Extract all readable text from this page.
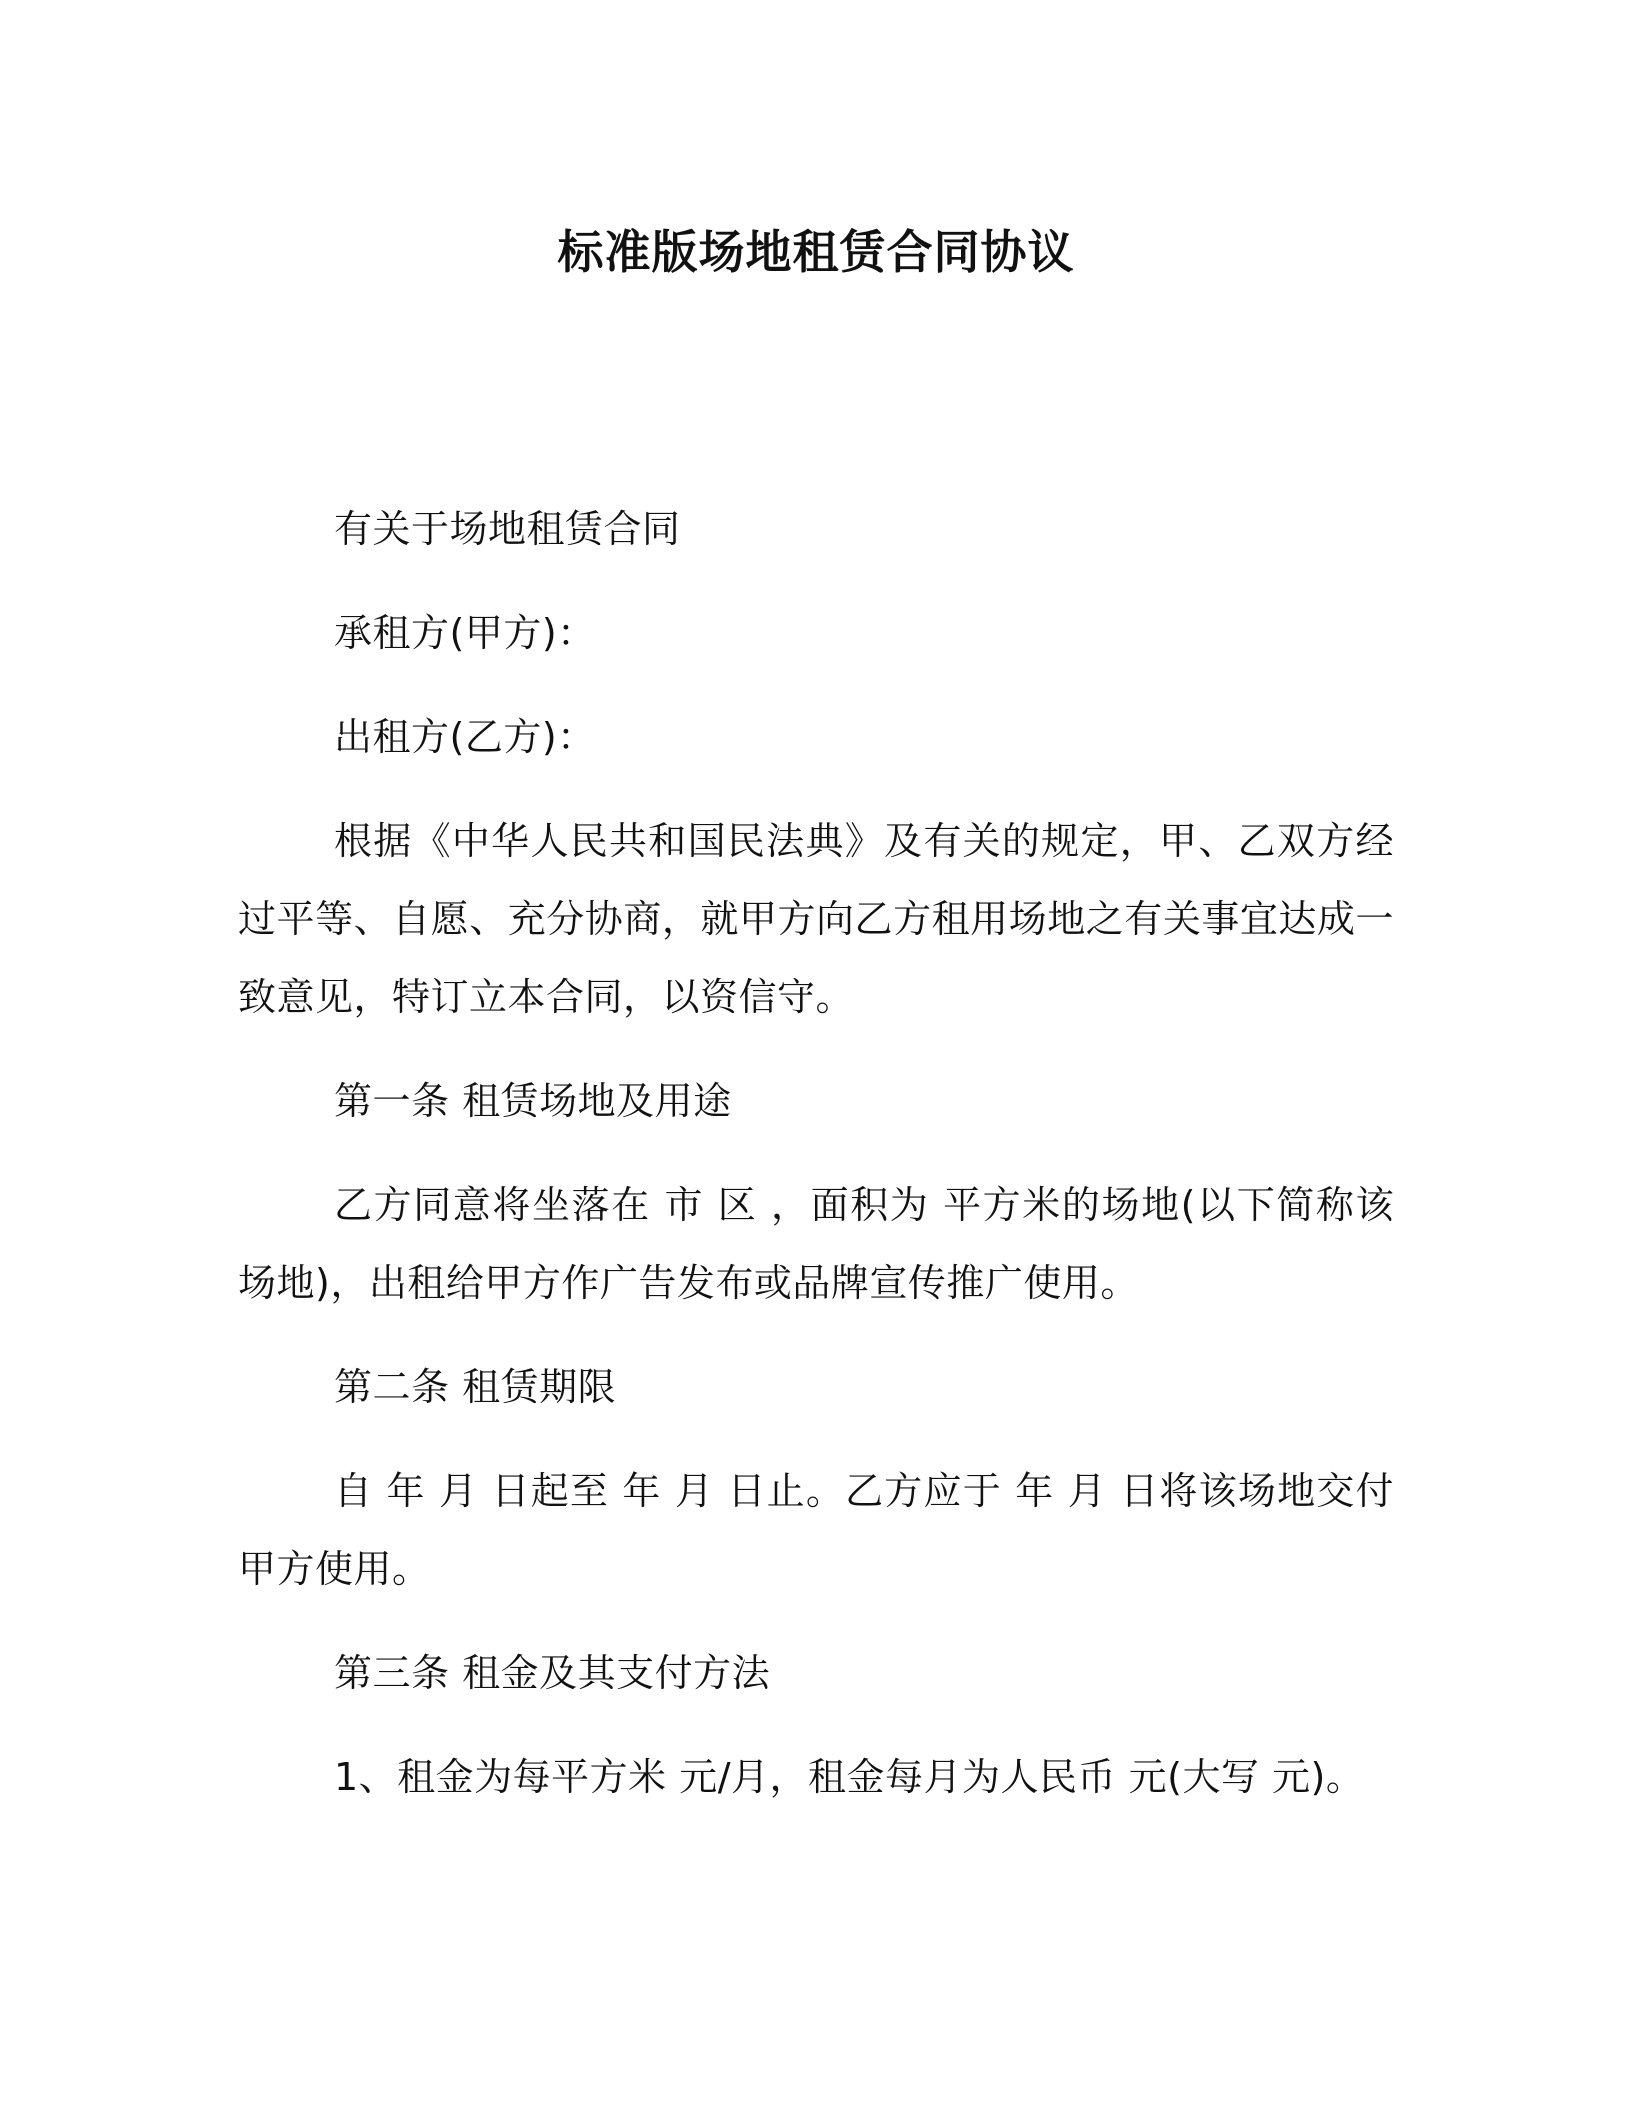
标准版场地租赁合同协议

有关于场地租赁合同

承租方(甲方)：

出租方(乙方)：

根据《中华人民共和国民法典》及有关的规定，甲、乙双方经过平等、自愿、充分协商，就甲方向乙方租用场地之有关事宜达成一致意见，特订立本合同，以资信守。

第一条 租赁场地及用途

乙方同意将坐落在 市 区 ，面积为 平方米的场地(以下简称该场地)，出租给甲方作广告发布或品牌宣传推广使用。

第二条 租赁期限

自 年 月 日起至 年 月 日止。乙方应于 年 月 日将该场地交付甲方使用。

第三条 租金及其支付方法

1、租金为每平方米 元/月，租金每月为人民币 元(大写 元)。
